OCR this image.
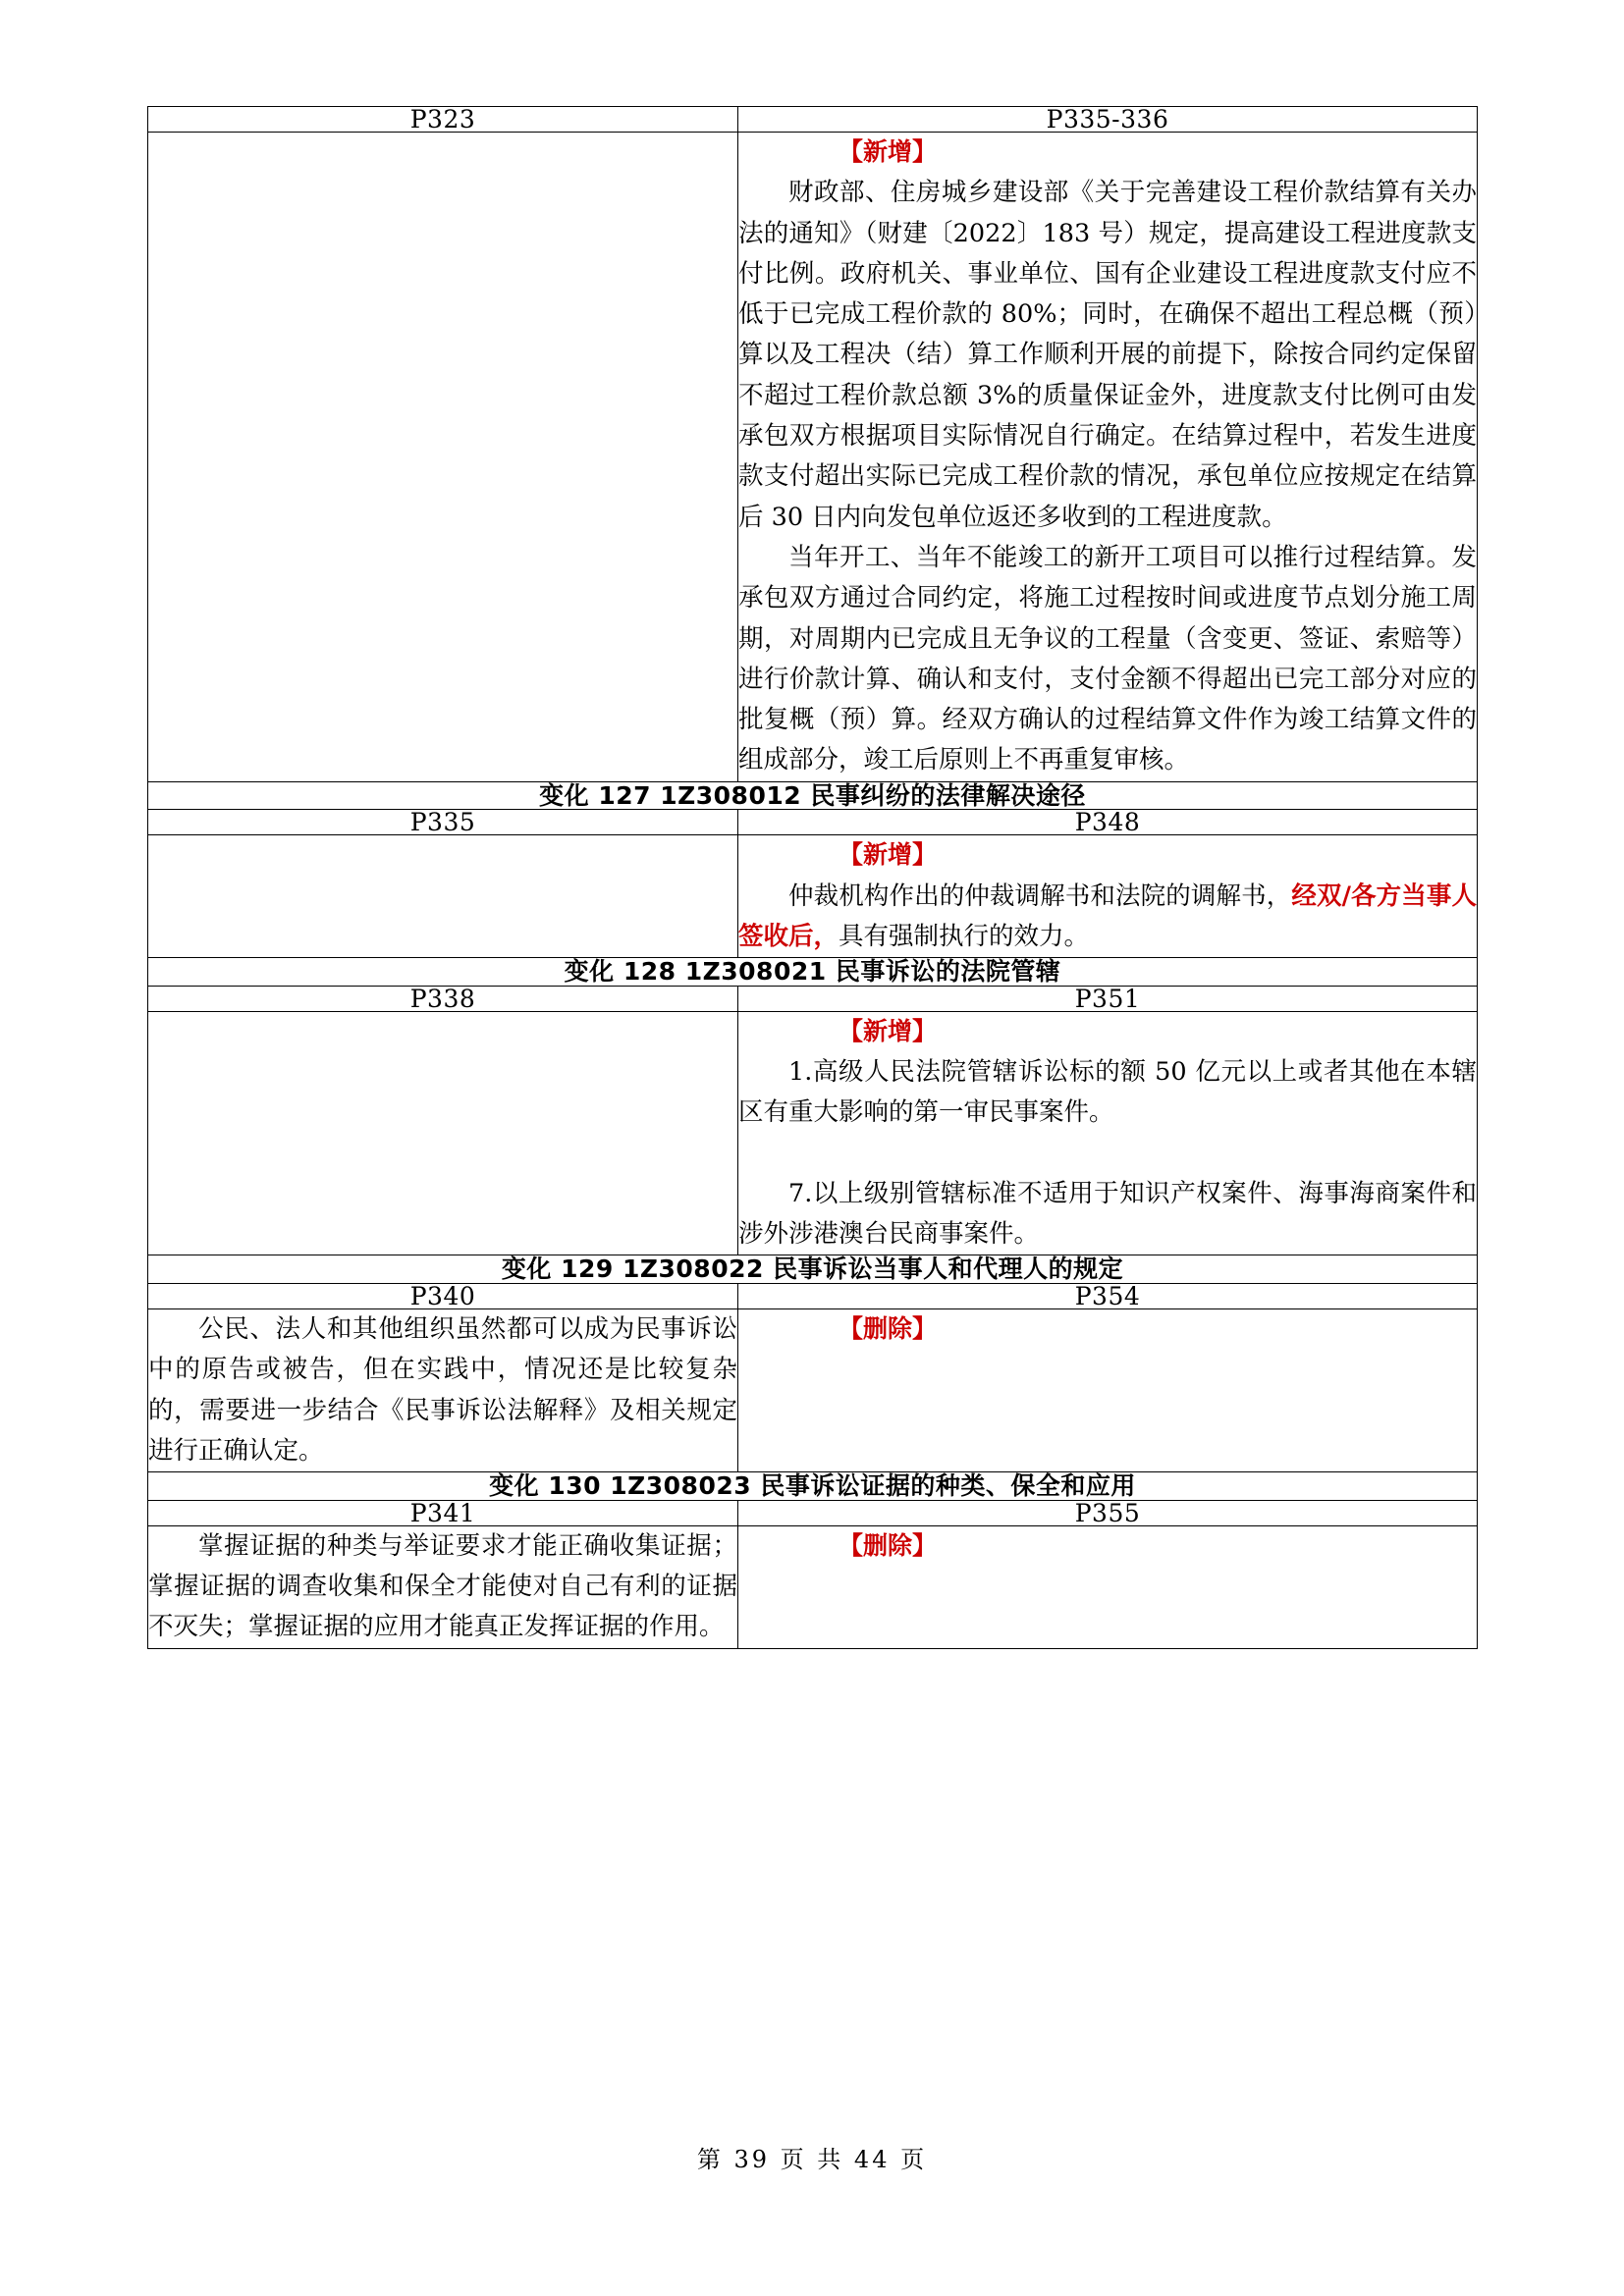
P323	P335-336

	【新增】

财政部、住房城乡建设部《关于完善建设工程价款结算有关办法的通知》（财建〔2022〕183 号）规定，提高建设工程进度款支付比例。政府机关、事业单位、国有企业建设工程进度款支付应不低于已完成工程价款的 80%；同时，在确保不超出工程总概（预）算以及工程决（结）算工作顺利开展的前提下，除按合同约定保留不超过工程价款总额 3%的质量保证金外，进度款支付比例可由发承包双方根据项目实际情况自行确定。在结算过程中，若发生进度款支付超出实际已完成工程价款的情况，承包单位应按规定在结算后 30 日内向发包单位返还多收到的工程进度款。

当年开工、当年不能竣工的新开工项目可以推行过程结算。发承包双方通过合同约定，将施工过程按时间或进度节点划分施工周期，对周期内已完成且无争议的工程量（含变更、签证、索赔等）进行价款计算、确认和支付，支付金额不得超出已完工部分对应的批复概（预）算。经双方确认的过程结算文件作为竣工结算文件的组成部分，竣工后原则上不再重复审核。

变化 127 1Z308012 民事纠纷的法律解决途径	
P335	P348

	【新增】

仲裁机构作出的仲裁调解书和法院的调解书，经双/各方当事人签收后，具有强制执行的效力。

变化 128 1Z308021 民事诉讼的法院管辖	
P338	P351

	【新增】

1.高级人民法院管辖诉讼标的额 50 亿元以上或者其他在本辖区有重大影响的第一审民事案件。

7.以上级别管辖标准不适用于知识产权案件、海事海商案件和涉外涉港澳台民商事案件。

变化 129 1Z308022 民事诉讼当事人和代理人的规定	
P340	P354

公民、法人和其他组织虽然都可以成为民事诉讼中的原告或被告，但在实践中，情况还是比较复杂的，需要进一步结合《民事诉讼法解释》及相关规定进行正确认定。	【删除】

变化 130 1Z308023 民事诉讼证据的种类、保全和应用	
P341	P355

掌握证据的种类与举证要求才能正确收集证据；掌握证据的调查收集和保全才能使对自己有利的证据不灭失；掌握证据的应用才能真正发挥证据的作用。	【删除】

第 39 页 共 44 页
